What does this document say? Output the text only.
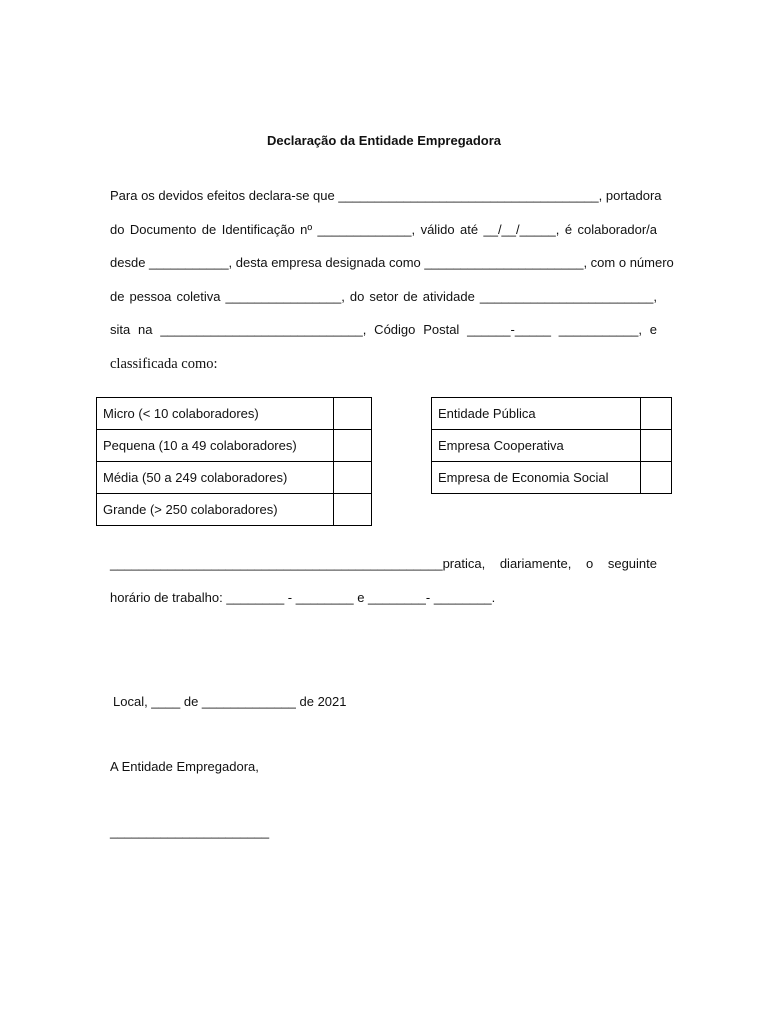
Declaração da Entidade Empregadora
Para os devidos efeitos declara-se que ____________________________________, portadora
do Documento de Identificação nº _____________, válido até __/__/_____, é colaborador/a
desde ___________, desta empresa designada como ______________________, com o número
de pessoa coletiva ________________, do setor de atividade ________________________,
sita na ____________________________, Código Postal ______-_____ ___________, e
classificada como:
Micro (< 10 colaboradores)	
Pequena (10 a 49 colaboradores)	
Média (50 a 249 colaboradores)	
Grande (> 250 colaboradores)	
Entidade Pública	
Empresa Cooperativa	
Empresa de Economia Social	
______________________________________________pratica, diariamente, o seguinte
horário de trabalho: ________ - ________ e ________- ________.
Local, ____ de _____________ de 2021
A Entidade Empregadora,
______________________
